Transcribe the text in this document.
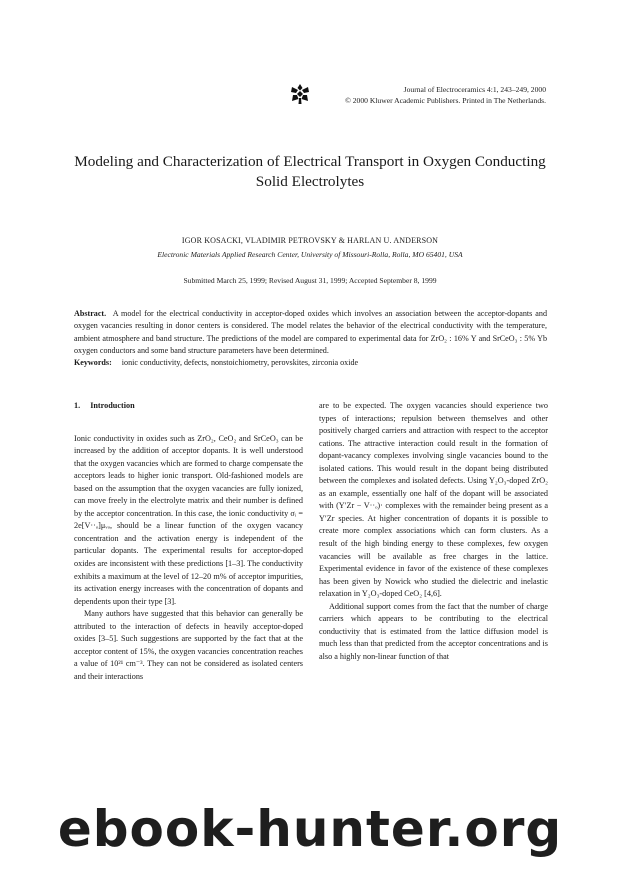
Journal of Electroceramics 4:1, 243–249, 2000
© 2000 Kluwer Academic Publishers. Printed in The Netherlands.
Modeling and Characterization of Electrical Transport in Oxygen Conducting Solid Electrolytes
IGOR KOSACKI, VLADIMIR PETROVSKY & HARLAN U. ANDERSON
Electronic Materials Applied Research Center, University of Missouri-Rolla, Rolla, MO 65401, USA
Submitted March 25, 1999; Revised August 31, 1999; Accepted September 8, 1999
Abstract. A model for the electrical conductivity in acceptor-doped oxides which involves an association between the acceptor-dopants and oxygen vacancies resulting in donor centers is considered. The model relates the behavior of the electrical conductivity with the temperature, ambient atmosphere and band structure. The predictions of the model are compared to experimental data for ZrO₂ : 16% Y and SrCeO₃ : 5% Yb oxygen conductors and some band structure parameters have been determined.
Keywords: ionic conductivity, defects, nonstoichiometry, perovskites, zirconia oxide
1. Introduction

Ionic conductivity in oxides such as ZrO₂, CeO₂ and SrCeO₃ can be increased by the addition of acceptor dopants. It is well understood that the oxygen vacancies which are formed to charge compensate the acceptors leads to higher ionic transport. Old-fashioned models are based on the assumption that the oxygen vacancies are fully ionized, can move freely in the electrolyte matrix and their number is defined by the acceptor concentration. In this case, the ionic conductivity σᵢ = 2e[V··ₒ]μᵥₒ, should be a linear function of the oxygen vacancy concentration and the activation energy is independent of the particular dopants. The experimental results for acceptor-doped oxides are inconsistent with these predictions [1–3]. The conductivity exhibits a maximum at the level of 12–20 m% of acceptor impurities, its activation energy increases with the concentration of dopants and dependents upon their type [3].

Many authors have suggested that this behavior can generally be attributed to the interaction of defects in heavily acceptor-doped oxides [3–5]. Such suggestions are supported by the fact that at the acceptor content of 15%, the oxygen vacancies concentration reaches a value of 10²¹ cm⁻³. They can not be considered as isolated centers and their interactions

are to be expected. The oxygen vacancies should experience two types of interactions; repulsion between themselves and other positively charged carriers and attraction with respect to the acceptor cations. The attractive interaction could result in the formation of dopant-vacancy complexes involving single vacancies bound to the isolated cations. This would result in the dopant being distributed between the complexes and isolated defects. Using Y₂O₃-doped ZrO₂ as an example, essentially one half of the dopant will be associated with (Y′Zr − V··ₒ)· complexes with the remainder being present as a Y′Zr species. At higher concentration of dopants it is possible to create more complex associations which can form clusters. As a result of the high binding energy to these complexes, few oxygen vacancies will be available as free charges in the lattice. Experimental evidence in favor of the existence of these complexes has been given by Nowick who studied the dielectric and inelastic relaxation in Y₂O₃-doped CeO₂ [4,6].

Additional support comes from the fact that the number of charge carriers which appears to be contributing to the electrical conductivity that is estimated from the lattice diffusion model is much less than that predicted from the acceptor concentrations and is also a highly non-linear function of that

ebook-hunter.org
